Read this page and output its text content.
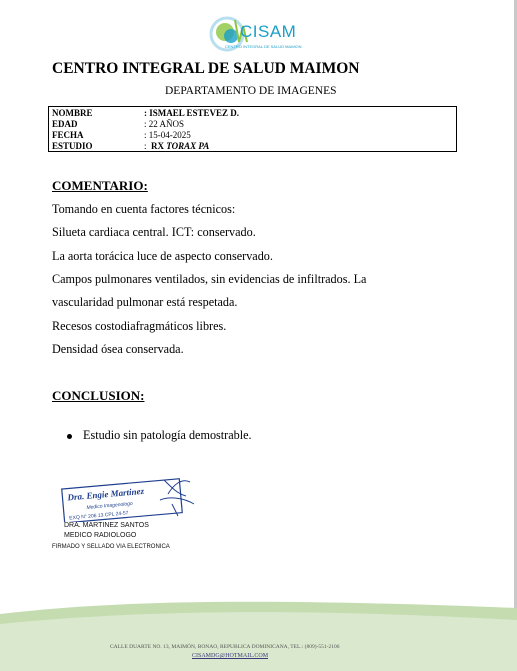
CISAM
CENTRO INTEGRAL DE SALUD MAIMON
CENTRO INTEGRAL DE SALUD MAIMON
DEPARTAMENTO DE IMAGENES
NOMBRE	: ISMAEL ESTEVEZ D.
EDAD	: 22 AÑOS
FECHA	: 15-04-2025
ESTUDIO	: RX TORAX PA
COMENTARIO:
Tomando en cuenta factores técnicos:
Silueta cardiaca central. ICT: conservado.
La aorta torácica luce de aspecto conservado.
Campos pulmonares ventilados, sin evidencias de infiltrados. La
vascularidad pulmonar está respetada.
Recesos costodiafragmáticos libres.
Densidad ósea conservada.
CONCLUSION:
Estudio sin patología demostrable.
Dra. Engie Martinez
Medico Imagenologo
EXQ N° 206 13 CPL 24-57
DRA. MARTINEZ SANTOS
MEDICO RADIOLOGO
FIRMADO Y SELLADO VIA ELECTRONICA
CALLE DUARTE NO. 13, MAIMÓN, BONAO, REPUBLICA DOMINICANA, TEL.: (809)-551-2106
CISAMDG@HOTMAIL.COM
